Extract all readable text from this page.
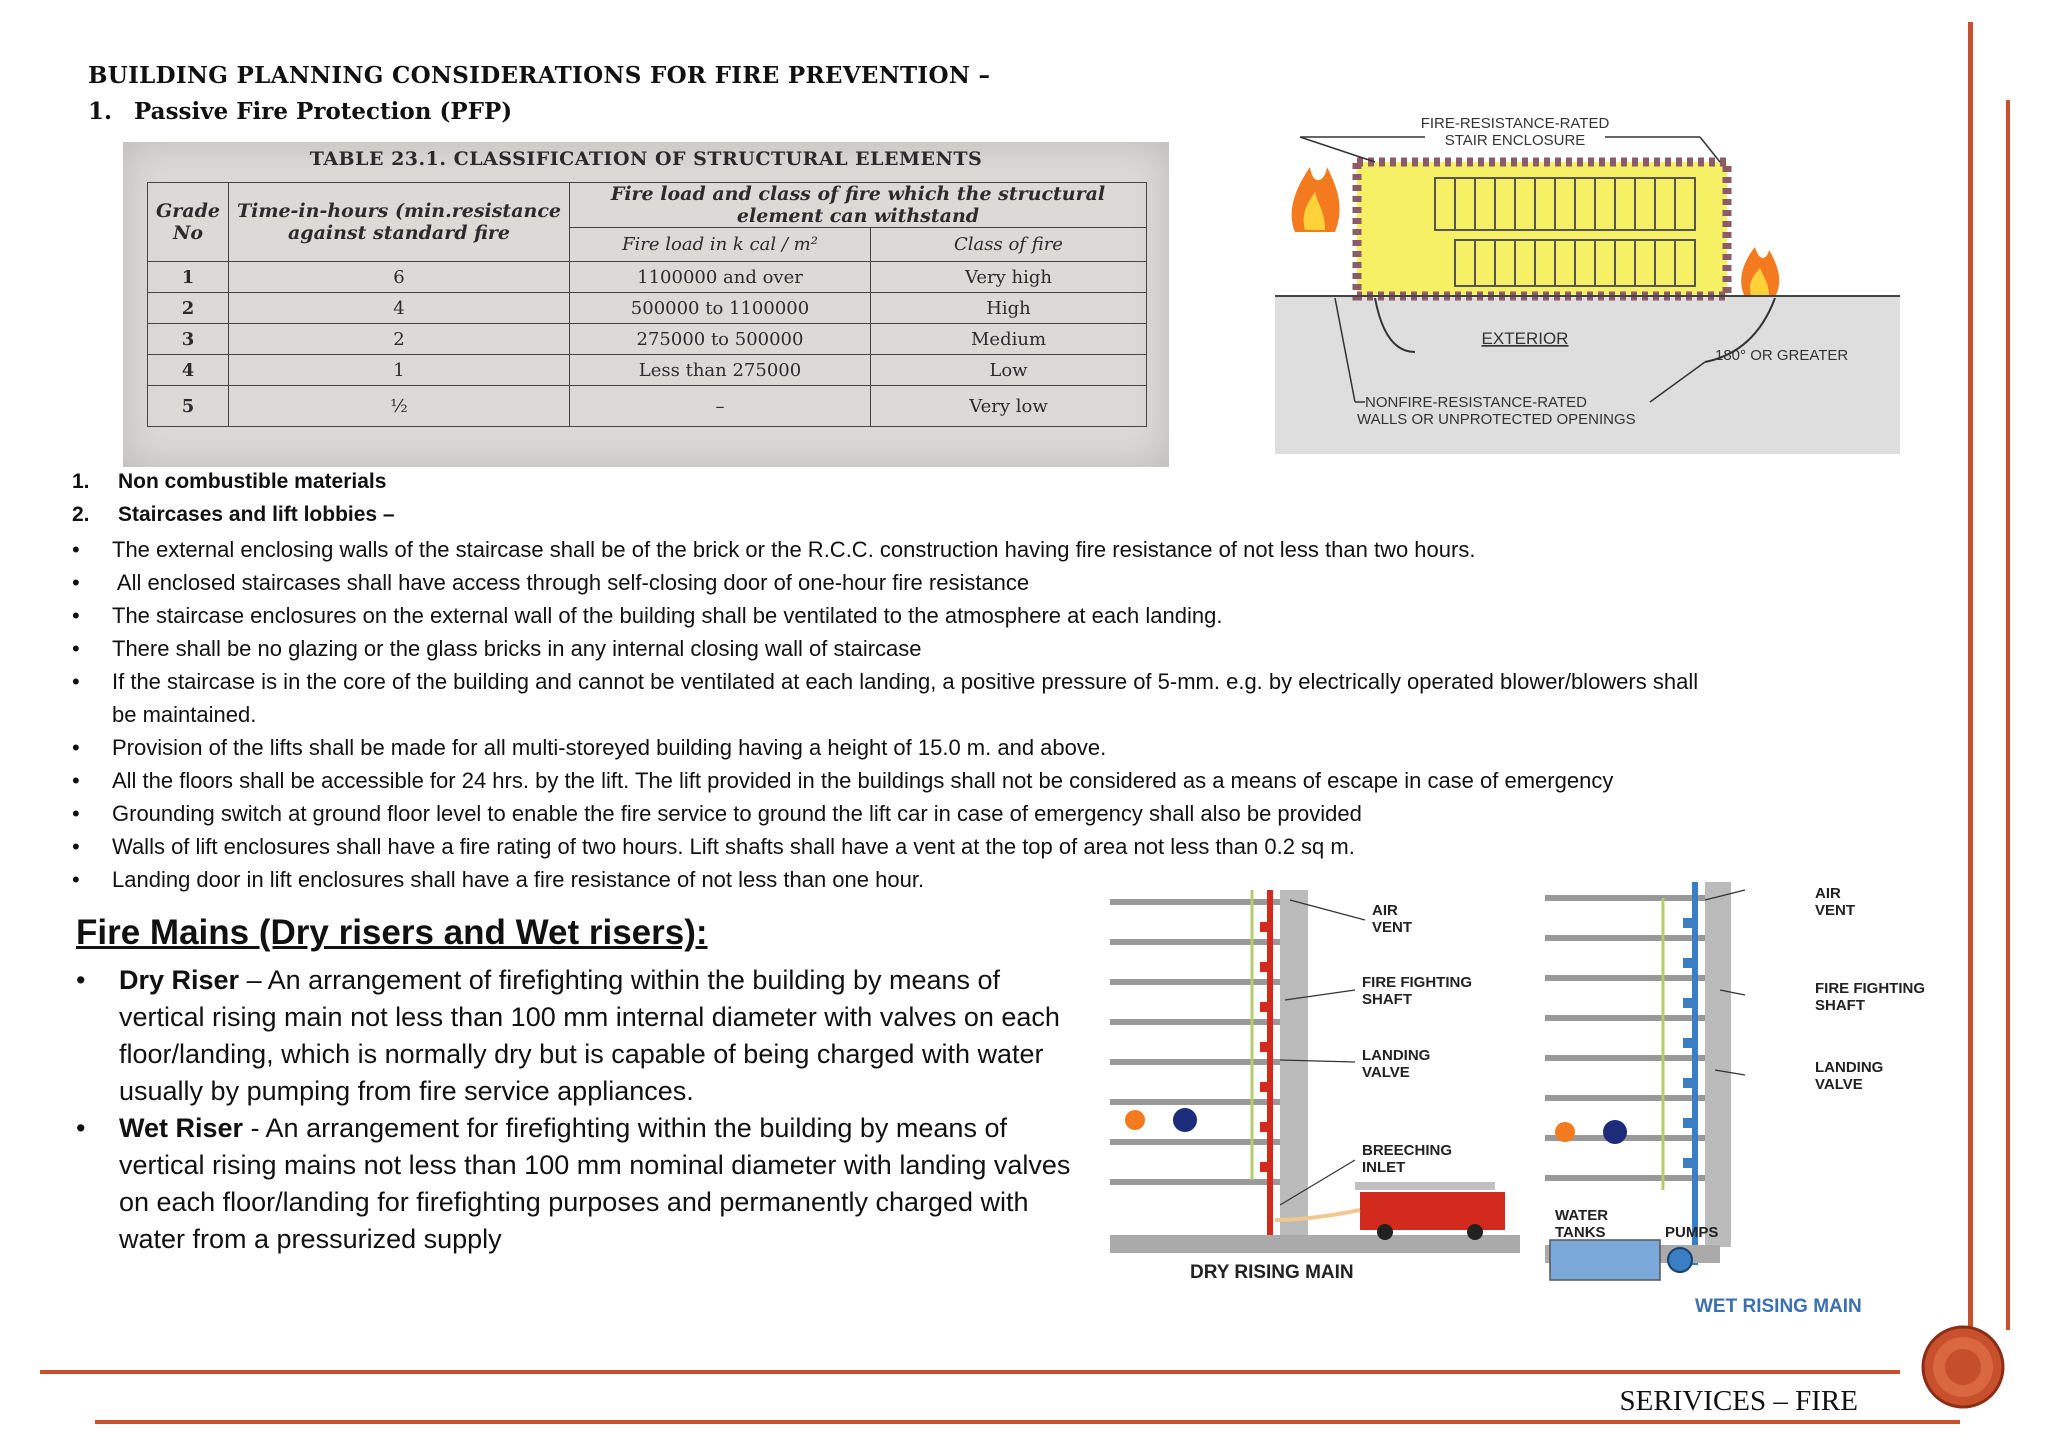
BUILDING PLANNING CONSIDERATIONS FOR FIRE PREVENTION –
1. Passive Fire Protection (PFP)
TABLE 23.1. CLASSIFICATION OF STRUCTURAL ELEMENTS
Grade No	Time-in-hours (min.resistance against standard fire	Fire load and class of fire which the structural element can withstand	
		Fire load in k cal / m²	Class of fire
1	6	1100000 and over	Very high
2	4	500000 to 1100000	High
3	2	275000 to 500000	Medium
4	1	Less than 275000	Low
5	½	–	Very low
FIRE-RESISTANCE-RATED
STAIR ENCLOSURE
EXTERIOR
180° OR GREATER
NONFIRE-RESISTANCE-RATED
WALLS OR UNPROTECTED OPENINGS
1. Non combustible materials
2. Staircases and lift lobbies –
• The external enclosing walls of the staircase shall be of the brick or the R.C.C. construction having fire resistance of not less than two hours.
• All enclosed staircases shall have access through self-closing door of one-hour fire resistance
• The staircase enclosures on the external wall of the building shall be ventilated to the atmosphere at each landing.
• There shall be no glazing or the glass bricks in any internal closing wall of staircase
• If the staircase is in the core of the building and cannot be ventilated at each landing, a positive pressure of 5-mm. e.g. by electrically operated blower/blowers shall
be maintained.
• Provision of the lifts shall be made for all multi-storeyed building having a height of 15.0 m. and above.
• All the floors shall be accessible for 24 hrs. by the lift. The lift provided in the buildings shall not be considered as a means of escape in case of emergency
• Grounding switch at ground floor level to enable the fire service to ground the lift car in case of emergency shall also be provided
• Walls of lift enclosures shall have a fire rating of two hours. Lift shafts shall have a vent at the top of area not less than 0.2 sq m.
• Landing door in lift enclosures shall have a fire resistance of not less than one hour.
Fire Mains (Dry risers and Wet risers):
• Dry Riser – An arrangement of firefighting within the building by means of vertical rising main not less than 100 mm internal diameter with valves on each floor/landing, which is normally dry but is capable of being charged with water usually by pumping from fire service appliances.
• Wet Riser - An arrangement for firefighting within the building by means of vertical rising mains not less than 100 mm nominal diameter with landing valves on each floor/landing for firefighting purposes and permanently charged with water from a pressurized supply
AIR
VENT
FIRE FIGHTING
SHAFT
LANDING
VALVE
BREECHING
INLET
DRY RISING MAIN
AIR
VENT
FIRE FIGHTING
SHAFT
LANDING
VALVE
WATER
TANKS	PUMPS
WET RISING MAIN
SERIVICES – FIRE
